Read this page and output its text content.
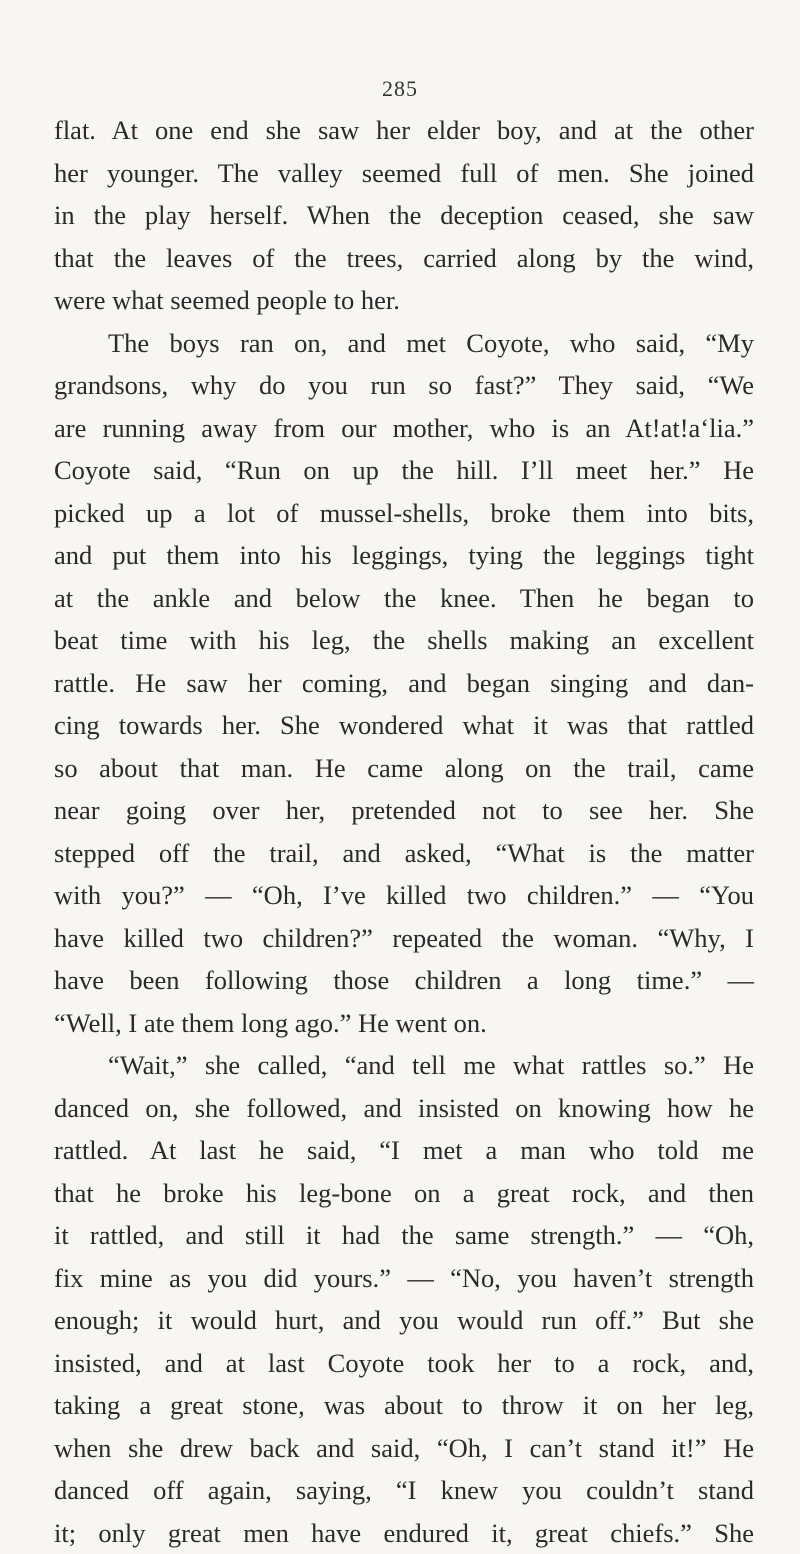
285
flat. At one end she saw her elder boy, and at the other
her younger. The valley seemed full of men. She joined
in the play herself. When the deception ceased, she saw
that the leaves of the trees, carried along by the wind,
were what seemed people to her.
The boys ran on, and met Coyote, who said, “My
grandsons, why do you run so fast?” They said, “We
are running away from our mother, who is an At!at!aʻlia.”
Coyote said, “Run on up the hill. I’ll meet her.” He
picked up a lot of mussel-shells, broke them into bits,
and put them into his leggings, tying the leggings tight
at the ankle and below the knee. Then he began to
beat time with his leg, the shells making an excellent
rattle. He saw her coming, and began singing and dan-
cing towards her. She wondered what it was that rattled
so about that man. He came along on the trail, came
near going over her, pretended not to see her. She
stepped off the trail, and asked, “What is the matter
with you?” — “Oh, I’ve killed two children.” — “You
have killed two children?” repeated the woman. “Why, I
have been following those children a long time.” —
“Well, I ate them long ago.” He went on.
“Wait,” she called, “and tell me what rattles so.” He
danced on, she followed, and insisted on knowing how he
rattled. At last he said, “I met a man who told me
that he broke his leg-bone on a great rock, and then
it rattled, and still it had the same strength.” — “Oh,
fix mine as you did yours.” — “No, you haven’t strength
enough; it would hurt, and you would run off.” But she
insisted, and at last Coyote took her to a rock, and,
taking a great stone, was about to throw it on her leg,
when she drew back and said, “Oh, I can’t stand it!” He
danced off again, saying, “I knew you couldn’t stand
it; only great men have endured it, great chiefs.” She
